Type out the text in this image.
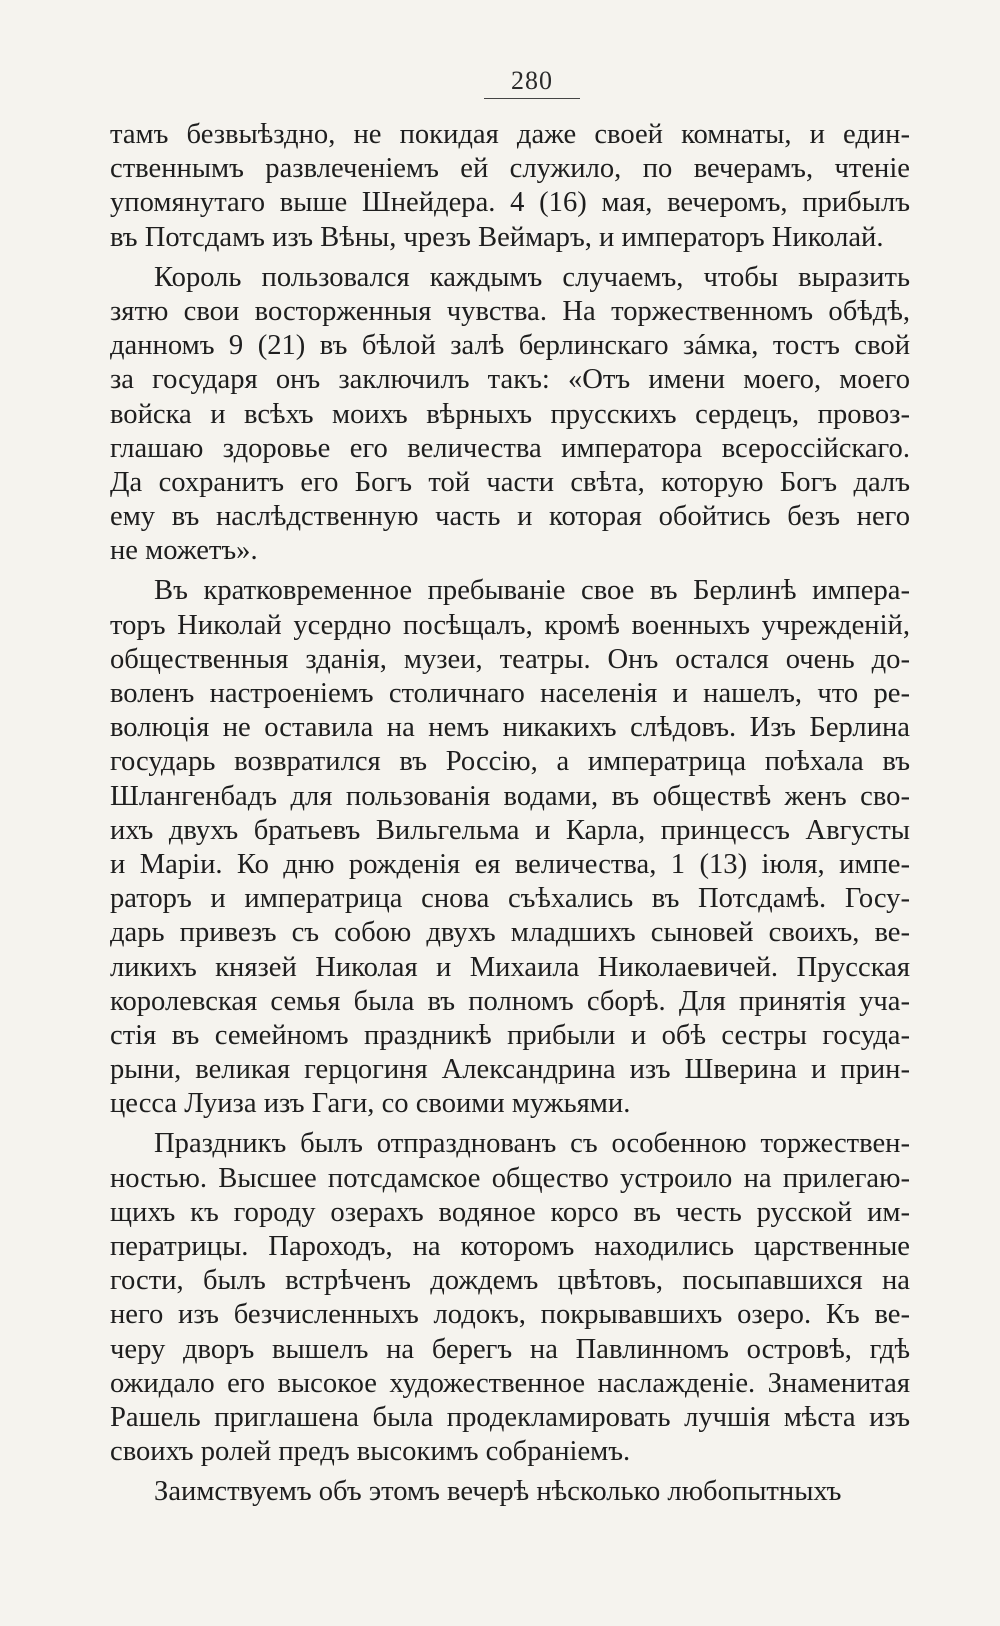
280
тамъ безвыѣздно, не покидая даже своей комнаты, и един-
ственнымъ развлеченіемъ ей служило, по вечерамъ, чтеніе
упомянутаго выше Шнейдера. 4 (16) мая, вечеромъ, прибылъ
въ Потсдамъ изъ Вѣны, чрезъ Веймаръ, и императоръ Николай.
Король пользовался каждымъ случаемъ, чтобы выразить
зятю свои восторженныя чувства. На торжественномъ обѣдѣ,
данномъ 9 (21) въ бѣлой залѣ берлинскаго зáмка, тостъ свой
за государя онъ заключилъ такъ: «Отъ имени моего, моего
войска и всѣхъ моихъ вѣрныхъ прусскихъ сердецъ, провоз-
глашаю здоровье его величества императора всероссійскаго.
Да сохранитъ его Богъ той части свѣта, которую Богъ далъ
ему въ наслѣдственную часть и которая обойтись безъ него
не можетъ».
Въ кратковременное пребываніе свое въ Берлинѣ импера-
торъ Николай усердно посѣщалъ, кромѣ военныхъ учрежденій,
общественныя зданія, музеи, театры. Онъ остался очень до-
воленъ настроеніемъ столичнаго населенія и нашелъ, что ре-
волюція не оставила на немъ никакихъ слѣдовъ. Изъ Берлина
государь возвратился въ Россію, а императрица поѣхала въ
Шлангенбадъ для пользованія водами, въ обществѣ женъ сво-
ихъ двухъ братьевъ Вильгельма и Карла, принцессъ Августы
и Маріи. Ко дню рожденія ея величества, 1 (13) іюля, импе-
раторъ и императрица снова съѣхались въ Потсдамѣ. Госу-
дарь привезъ съ собою двухъ младшихъ сыновей своихъ, ве-
ликихъ князей Николая и Михаила Николаевичей. Прусская
королевская семья была въ полномъ сборѣ. Для принятія уча-
стія въ семейномъ праздникѣ прибыли и обѣ сестры госуда-
рыни, великая герцогиня Александрина изъ Шверина и прин-
цесса Луиза изъ Гаги, со своими мужьями.
Праздникъ былъ отпразднованъ съ особенною торжествен-
ностью. Высшее потсдамское общество устроило на прилегаю-
щихъ къ городу озерахъ водяное корсо въ честь русской им-
ператрицы. Пароходъ, на которомъ находились царственные
гости, былъ встрѣченъ дождемъ цвѣтовъ, посыпавшихся на
него изъ безчисленныхъ лодокъ, покрывавшихъ озеро. Къ ве-
черу дворъ вышелъ на берегъ на Павлинномъ островѣ, гдѣ
ожидало его высокое художественное наслажденіе. Знаменитая
Рашель приглашена была продекламировать лучшія мѣста изъ
своихъ ролей предъ высокимъ собраніемъ.
Заимствуемъ объ этомъ вечерѣ нѣсколько любопытныхъ
